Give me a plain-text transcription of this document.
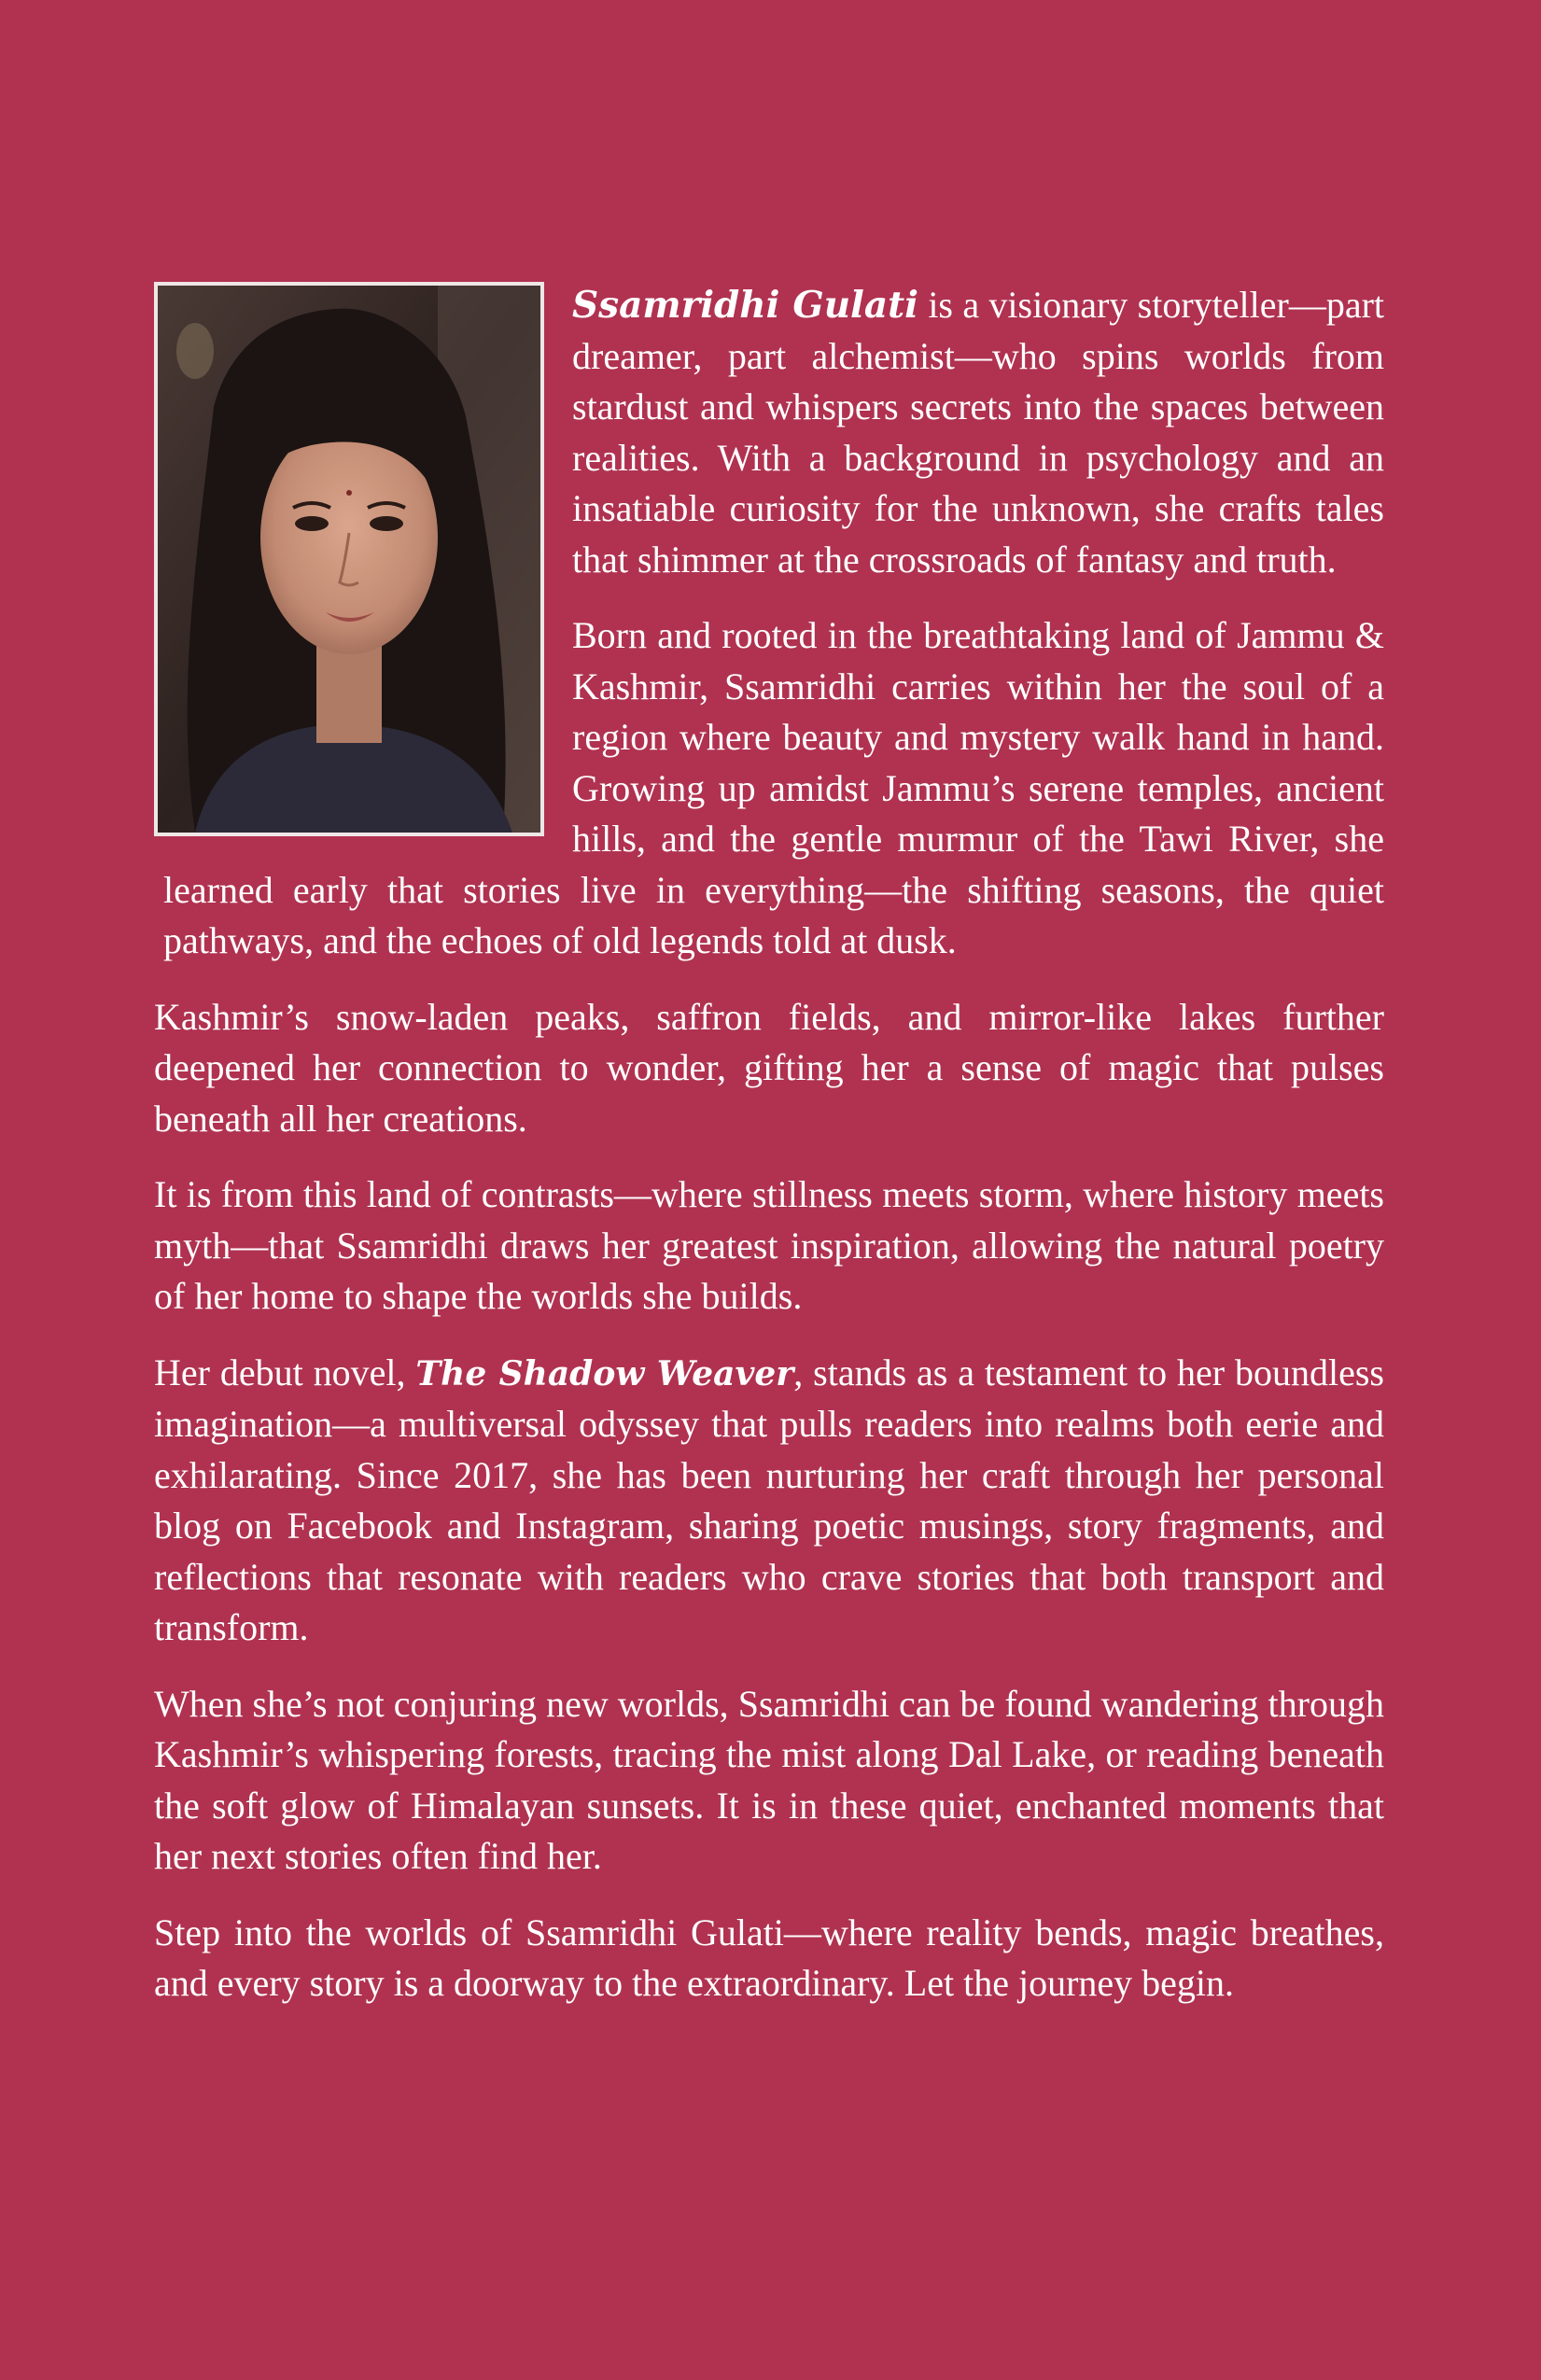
Ssamridhi Gulati is a visionary storyteller—part dreamer, part alchemist—who spins worlds from stardust and whispers secrets into the spaces between realities. With a background in psychology and an insatiable curiosity for the unknown, she crafts tales that shimmer at the crossroads of fantasy and truth.

Born and rooted in the breathtaking land of Jammu & Kashmir, Ssamridhi carries within her the soul of a region where beauty and mystery walk hand in hand. Growing up amidst Jammu’s serene temples, ancient hills, and the gentle murmur of the Tawi River, she learned early that stories live in everything—the shifting seasons, the quiet pathways, and the echoes of old legends told at dusk.

Kashmir’s snow-laden peaks, saffron fields, and mirror-like lakes further deepened her connection to wonder, gifting her a sense of magic that pulses beneath all her creations.

It is from this land of contrasts—where stillness meets storm, where history meets myth—that Ssamridhi draws her greatest inspiration, allowing the natural poetry of her home to shape the worlds she builds.

Her debut novel, The Shadow Weaver, stands as a testament to her boundless imagination—a multiversal odyssey that pulls readers into realms both eerie and exhilarating. Since 2017, she has been nurturing her craft through her personal blog on Facebook and Instagram, sharing poetic musings, story fragments, and reflections that resonate with readers who crave stories that both transport and transform.

When she’s not conjuring new worlds, Ssamridhi can be found wandering through Kashmir’s whispering forests, tracing the mist along Dal Lake, or reading beneath the soft glow of Himalayan sunsets. It is in these quiet, enchanted moments that her next stories often find her.

Step into the worlds of Ssamridhi Gulati—where reality bends, magic breathes, and every story is a doorway to the extraordinary. Let the journey begin.
